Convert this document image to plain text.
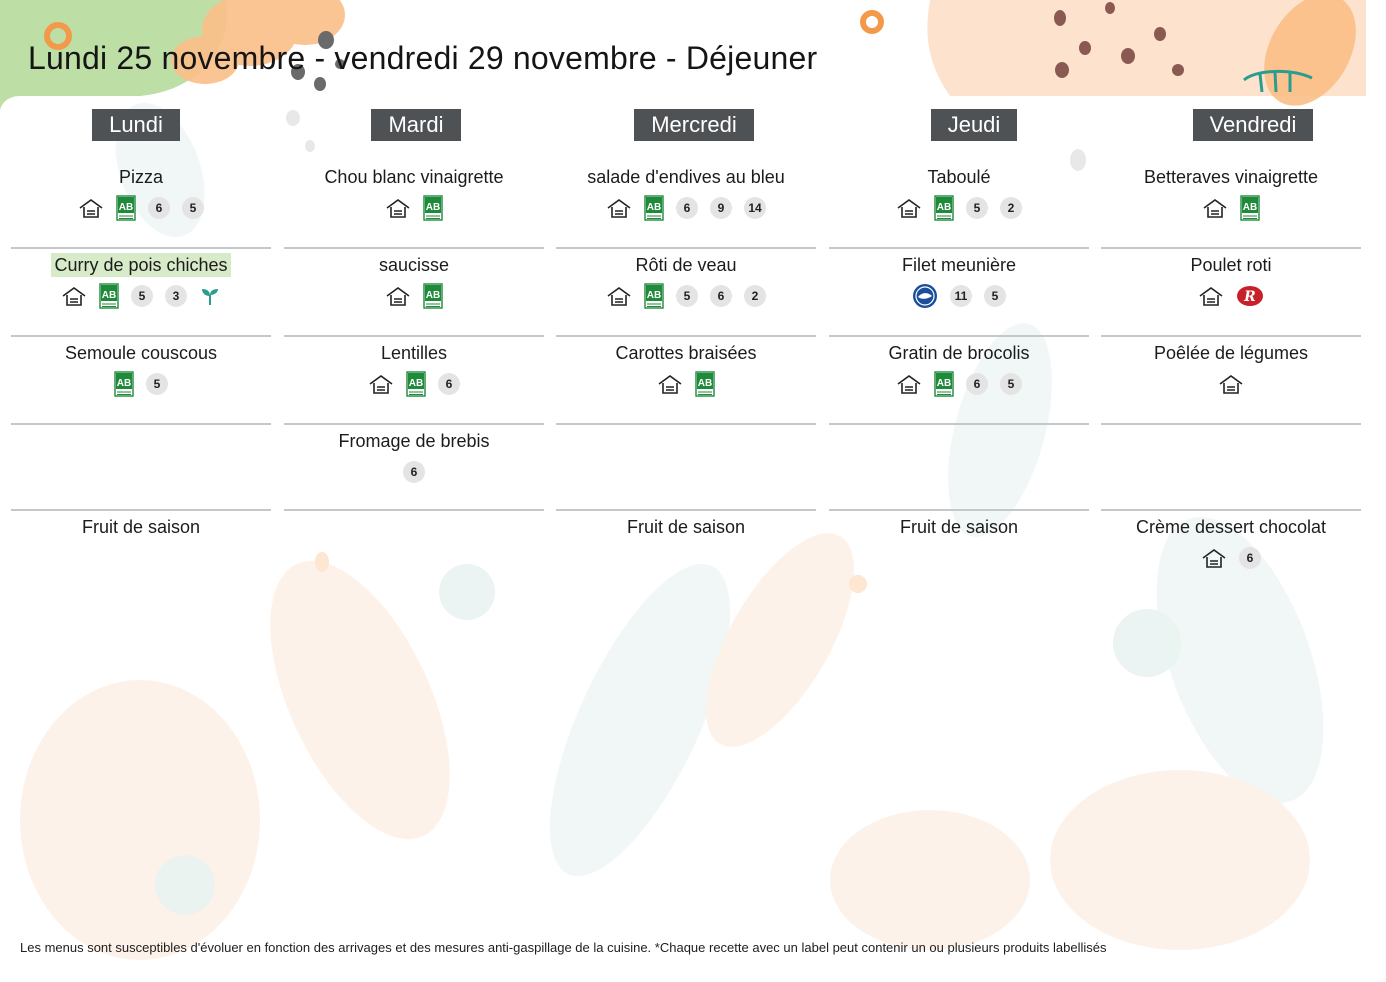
Lundi 25 novembre - vendredi 29 novembre - Déjeuner
Lundi
Pizza
AB	6	5
Curry de pois chiches
AB	5	3
Semoule couscous
AB	5
Fruit de saison
Mardi
Chou blanc vinaigrette
AB
saucisse
AB
Lentilles
AB	6
Fromage de brebis
6
Mercredi
salade d'endives au bleu
AB	6	9	14
Rôti de veau
AB	5	6	2
Carottes braisées
AB
Fruit de saison
Jeudi
Taboulé
AB	5	2
Filet meunière
11	5
Gratin de brocolis
AB	6	5
Fruit de saison
Vendredi
Betteraves vinaigrette
AB
Poulet roti
R
Poêlée de légumes
Crème dessert chocolat
6
Les menus sont susceptibles d'évoluer en fonction des arrivages et des mesures anti-gaspillage de la cuisine. *Chaque recette avec un label peut contenir un ou plusieurs produits labellisés
